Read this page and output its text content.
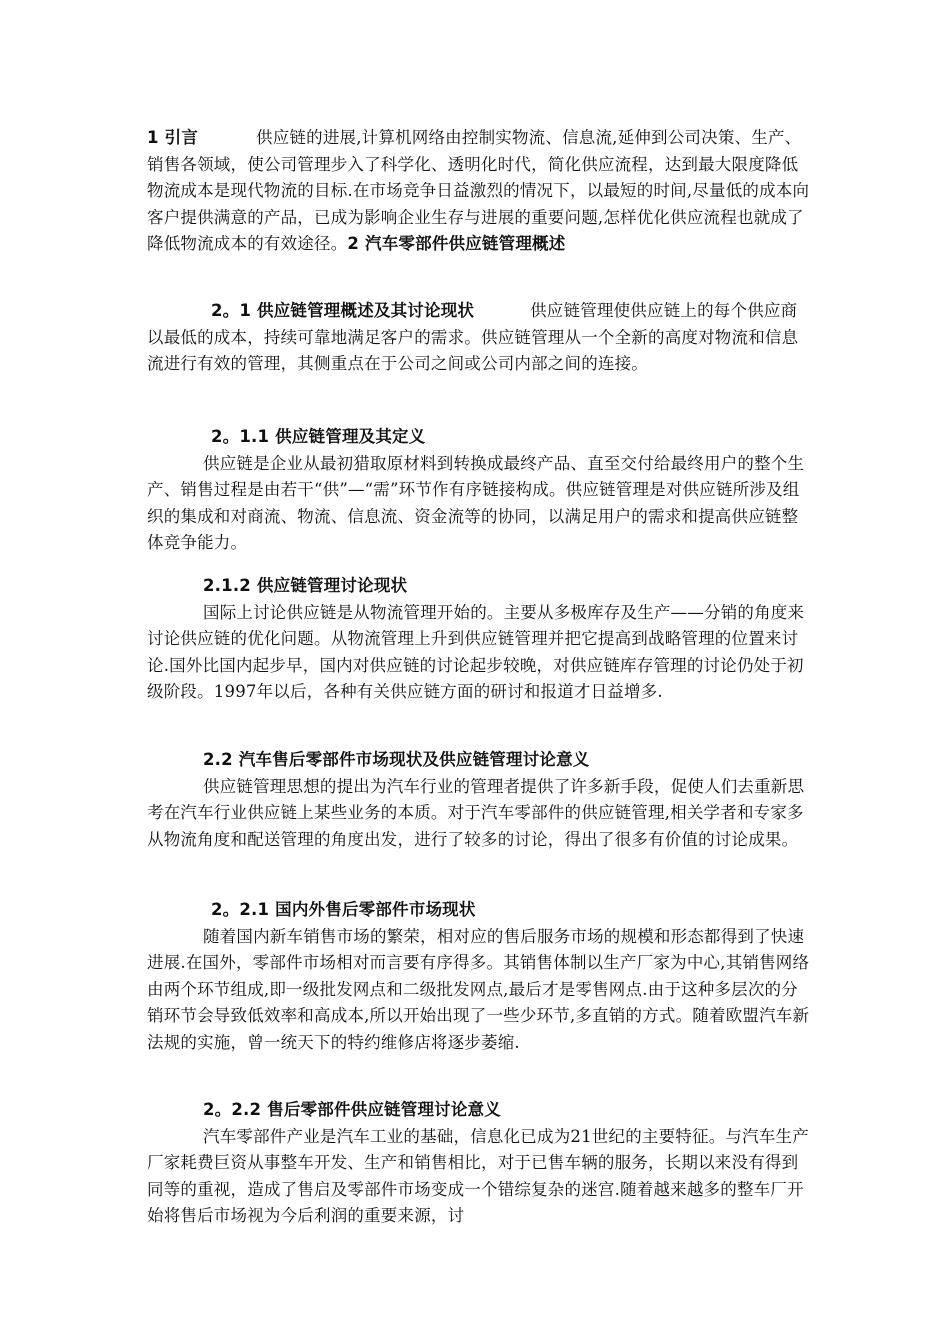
1 引言	供应链的进展,计算机网络由控制实物流、信息流,延伸到公司决策、生产、销售各领域，使公司管理步入了科学化、透明化时代，简化供应流程，达到最大限度降低物流成本是现代物流的目标.在市场竞争日益激烈的情况下，以最短的时间,尽量低的成本向客户提供满意的产品，已成为影响企业生存与进展的重要问题,怎样优化供应流程也就成了降低物流成本的有效途径。2 汽车零部件供应链管理概述

2。1 供应链管理概述及其讨论现状	供应链管理使供应链上的每个供应商以最低的成本，持续可靠地满足客户的需求。供应链管理从一个全新的高度对物流和信息流进行有效的管理，其侧重点在于公司之间或公司内部之间的连接。

2。1.1 供应链管理及其定义

供应链是企业从最初猎取原材料到转换成最终产品、直至交付给最终用户的整个生产、销售过程是由若干“供”—“需”环节作有序链接构成。供应链管理是对供应链所涉及组织的集成和对商流、物流、信息流、资金流等的协同，以满足用户的需求和提高供应链整体竞争能力。

2.1.2 供应链管理讨论现状

国际上讨论供应链是从物流管理开始的。主要从多极库存及生产——分销的角度来讨论供应链的优化问题。从物流管理上升到供应链管理并把它提高到战略管理的位置来讨论.国外比国内起步早，国内对供应链的讨论起步较晚，对供应链库存管理的讨论仍处于初级阶段。1997年以后，各种有关供应链方面的研讨和报道才日益增多.

2.2 汽车售后零部件市场现状及供应链管理讨论意义

供应链管理思想的提出为汽车行业的管理者提供了许多新手段，促使人们去重新思考在汽车行业供应链上某些业务的本质。对于汽车零部件的供应链管理,相关学者和专家多从物流角度和配送管理的角度出发，进行了较多的讨论，得出了很多有价值的讨论成果。

2。2.1 国内外售后零部件市场现状

随着国内新车销售市场的繁荣，相对应的售后服务市场的规模和形态都得到了快速进展.在国外，零部件市场相对而言要有序得多。其销售体制以生产厂家为中心,其销售网络由两个环节组成,即一级批发网点和二级批发网点,最后才是零售网点.由于这种多层次的分销环节会导致低效率和高成本,所以开始出现了一些少环节,多直销的方式。随着欧盟汽车新法规的实施，曾一统天下的特约维修店将逐步萎缩.

2。2.2 售后零部件供应链管理讨论意义

汽车零部件产业是汽车工业的基础，信息化已成为21世纪的主要特征。与汽车生产厂家耗费巨资从事整车开发、生产和销售相比，对于已售车辆的服务，长期以来没有得到同等的重视，造成了售启及零部件市场变成一个错综复杂的迷宫.随着越来越多的整车厂开始将售后市场视为今后利润的重要来源，讨
